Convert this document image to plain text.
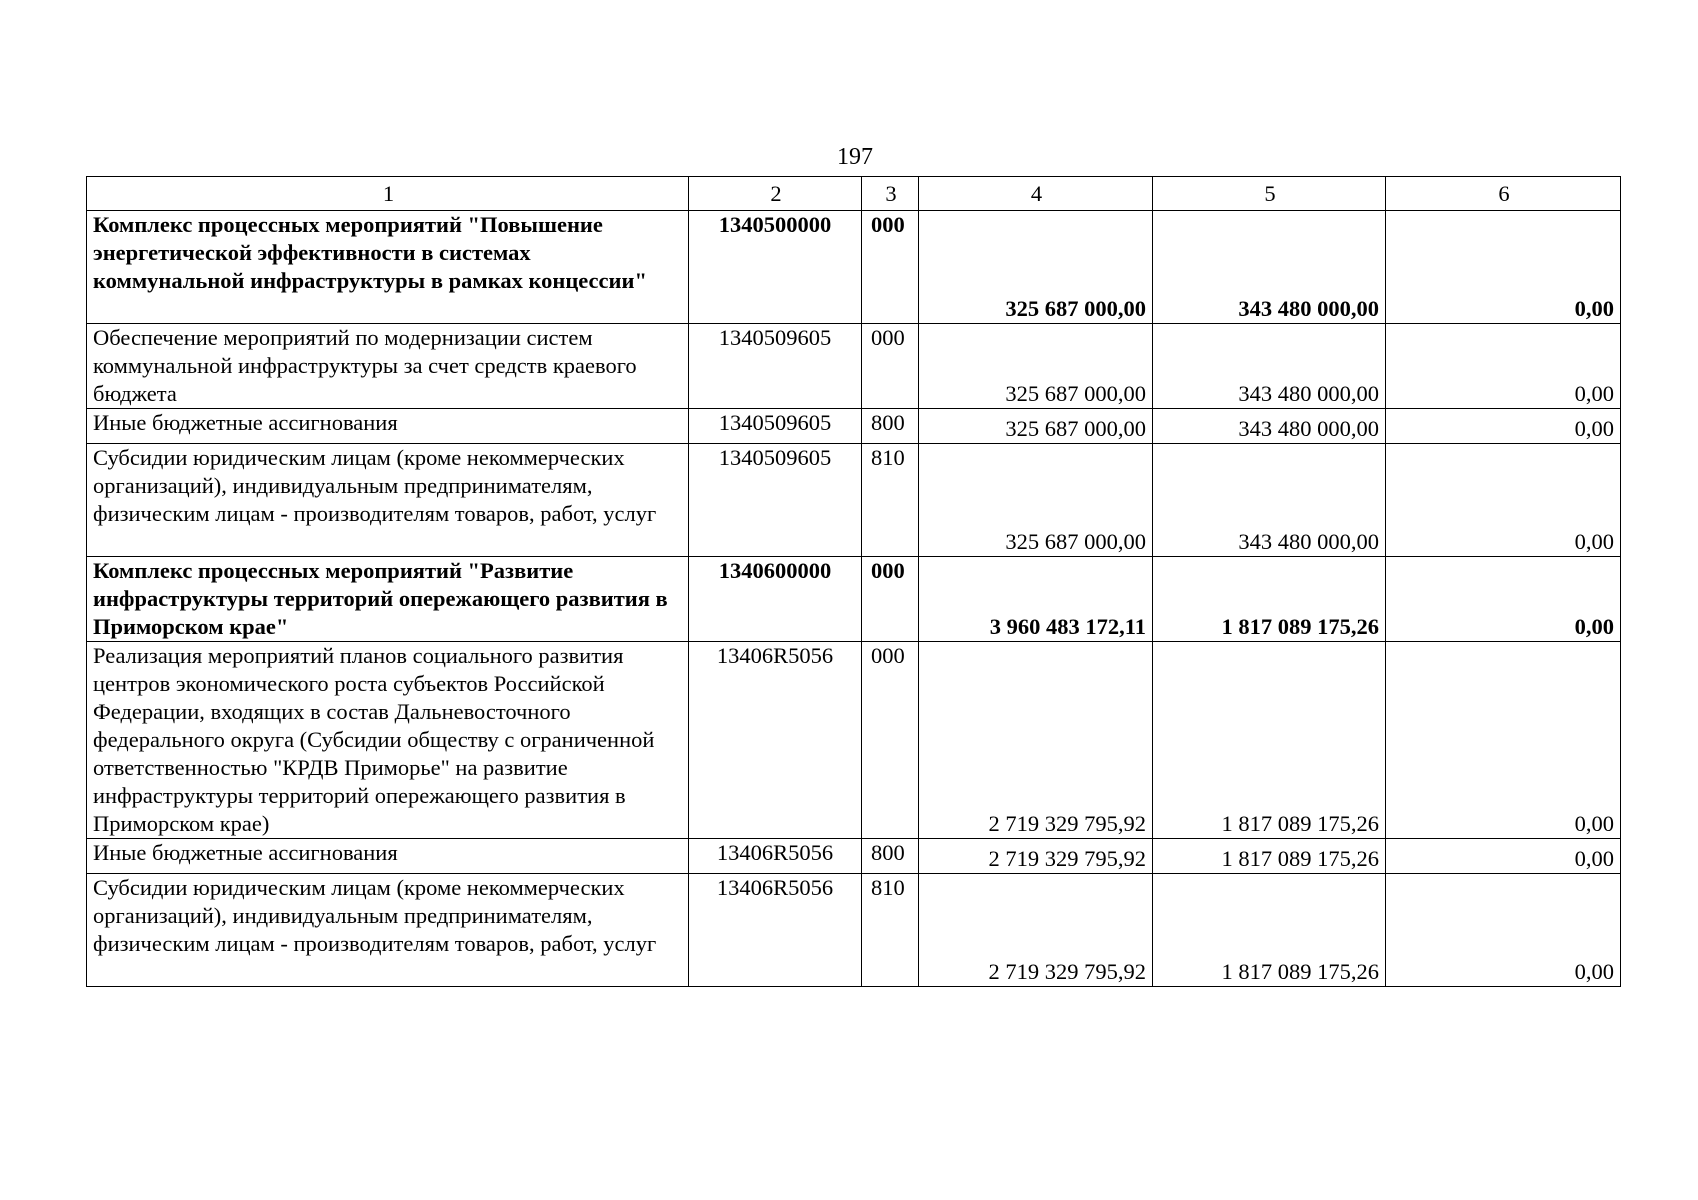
197
1	2	3	4	5	6
Комплекс процессных мероприятий "Повышение энергетической эффективности в системах коммунальной инфраструктуры в рамках концессии"	1340500000	000	325 687 000,00	343 480 000,00	0,00
Обеспечение мероприятий по модернизации систем коммунальной инфраструктуры за счет средств краевого бюджета	1340509605	000	325 687 000,00	343 480 000,00	0,00
Иные бюджетные ассигнования	1340509605	800	325 687 000,00	343 480 000,00	0,00
Субсидии юридическим лицам (кроме некоммерческих организаций), индивидуальным предпринимателям, физическим лицам - производителям товаров, работ, услуг	1340509605	810	325 687 000,00	343 480 000,00	0,00
Комплекс процессных мероприятий "Развитие инфраструктуры территорий опережающего развития в Приморском крае"	1340600000	000	3 960 483 172,11	1 817 089 175,26	0,00
Реализация мероприятий планов социального развития центров экономического роста субъектов Российской Федерации, входящих в состав Дальневосточного федерального округа (Субсидии обществу с ограниченной ответственностью "КРДВ Приморье" на развитие инфраструктуры территорий опережающего развития в Приморском крае)	13406R5056	000	2 719 329 795,92	1 817 089 175,26	0,00
Иные бюджетные ассигнования	13406R5056	800	2 719 329 795,92	1 817 089 175,26	0,00
Субсидии юридическим лицам (кроме некоммерческих организаций), индивидуальным предпринимателям, физическим лицам - производителям товаров, работ, услуг	13406R5056	810	2 719 329 795,92	1 817 089 175,26	0,00
